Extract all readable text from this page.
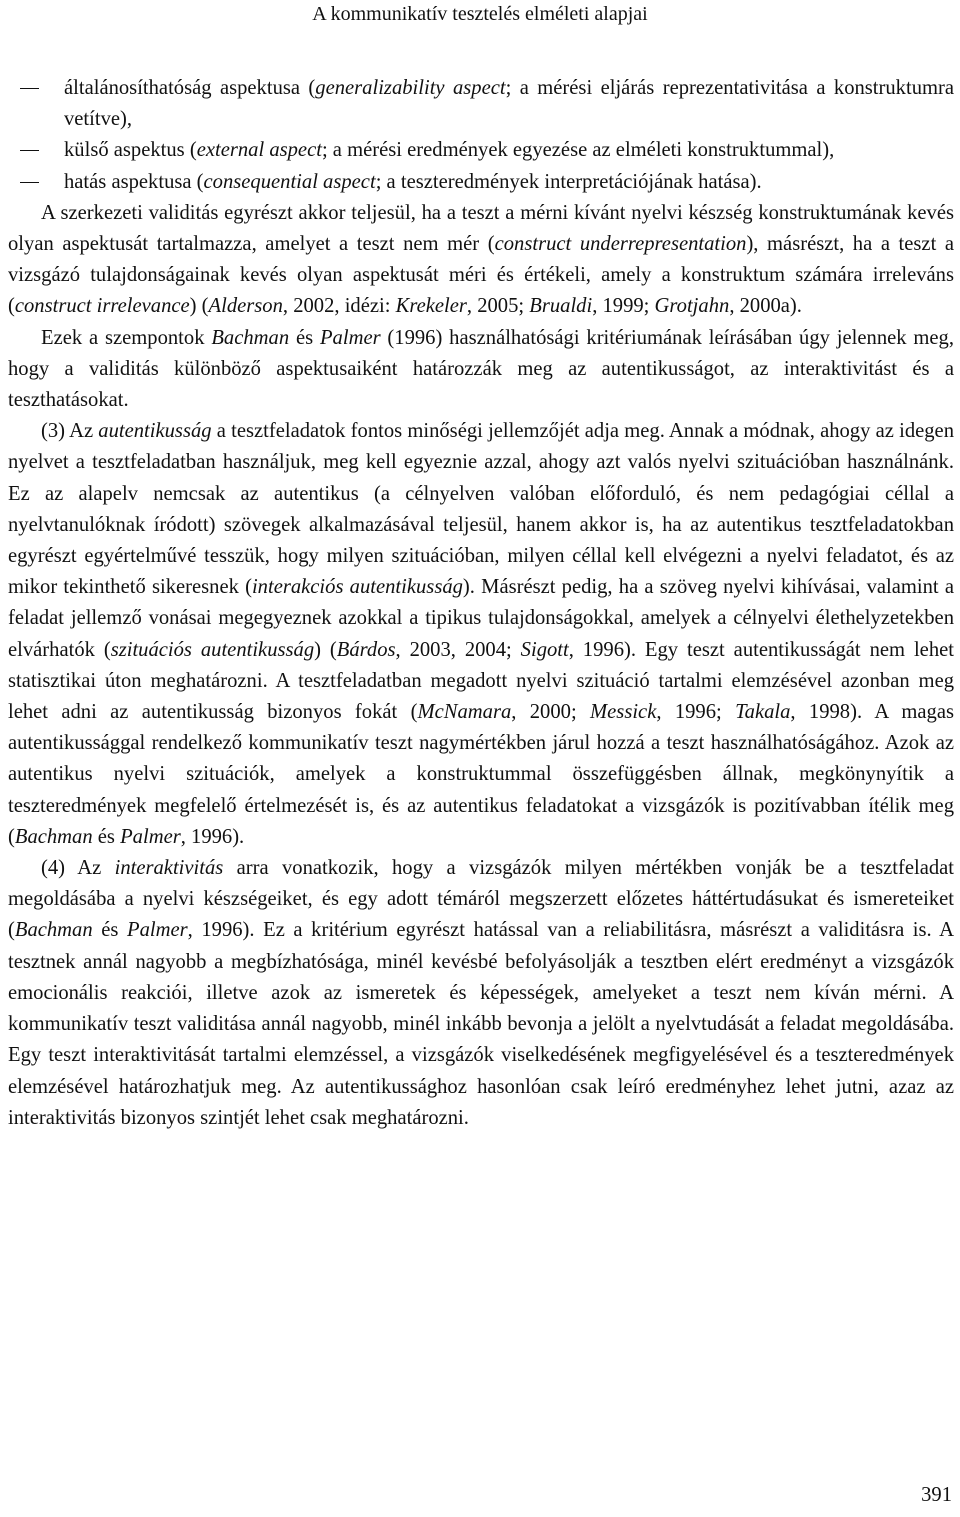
A kommunikatív tesztelés elméleti alapjai
általánosíthatóság aspektusa (generalizability aspect; a mérési eljárás reprezentativitása a konstruktumra vetítve),
külső aspektus (external aspect; a mérési eredmények egyezése az elméleti konstruktummal),
hatás aspektusa (consequential aspect; a teszteredmények interpretációjának hatása).

A szerkezeti validitás egyrészt akkor teljesül, ha a teszt a mérni kívánt nyelvi készség konstruktumának kevés olyan aspektusát tartalmazza, amelyet a teszt nem mér (construct underrepresentation), másrészt, ha a teszt a vizsgázó tulajdonságainak kevés olyan aspektusát méri és értékeli, amely a konstruktum számára irreleváns (construct irrelevance) (Alderson, 2002, idézi: Krekeler, 2005; Brualdi, 1999; Grotjahn, 2000a).

Ezek a szempontok Bachman és Palmer (1996) használhatósági kritériumának leírásában úgy jelennek meg, hogy a validitás különböző aspektusaiként határozzák meg az autentikusságot, az interaktivitást és a teszthatásokat.

(3) Az autentikusság a tesztfeladatok fontos minőségi jellemzőjét adja meg. Annak a módnak, ahogy az idegen nyelvet a tesztfeladatban használjuk, meg kell egyeznie azzal, ahogy azt valós nyelvi szituációban használnánk. Ez az alapelv nemcsak az autentikus (a célnyelven valóban előforduló, és nem pedagógiai céllal a nyelvtanulóknak íródott) szövegek alkalmazásával teljesül, hanem akkor is, ha az autentikus tesztfeladatokban egyrészt egyértelművé tesszük, hogy milyen szituációban, milyen céllal kell elvégezni a nyelvi feladatot, és az mikor tekinthető sikeresnek (interakciós autentikusság). Másrészt pedig, ha a szöveg nyelvi kihívásai, valamint a feladat jellemző vonásai megegyeznek azokkal a tipikus tulajdonságokkal, amelyek a célnyelvi élethelyzetekben elvárhatók (szituációs autentikusság) (Bárdos, 2003, 2004; Sigott, 1996). Egy teszt autentikusságát nem lehet statisztikai úton meghatározni. A tesztfeladatban megadott nyelvi szituáció tartalmi elemzésével azonban meg lehet adni az autentikusság bizonyos fokát (McNamara, 2000; Messick, 1996; Takala, 1998). A magas autentikussággal rendelkező kommunikatív teszt nagymértékben járul hozzá a teszt használhatóságához. Azok az autentikus nyelvi szituációk, amelyek a konstruktummal összefüggésben állnak, megkönynyítik a teszteredmények megfelelő értelmezését is, és az autentikus feladatokat a vizsgázók is pozitívabban ítélik meg (Bachman és Palmer, 1996).

(4) Az interaktivitás arra vonatkozik, hogy a vizsgázók milyen mértékben vonják be a tesztfeladat megoldásába a nyelvi készségeiket, és egy adott témáról megszerzett előzetes háttértudásukat és ismereteiket (Bachman és Palmer, 1996). Ez a kritérium egyrészt hatással van a reliabilitásra, másrészt a validitásra is. A tesztnek annál nagyobb a megbízhatósága, minél kevésbé befolyásolják a tesztben elért eredményt a vizsgázók emocionális reakciói, illetve azok az ismeretek és képességek, amelyeket a teszt nem kíván mérni. A kommunikatív teszt validitása annál nagyobb, minél inkább bevonja a jelölt a nyelvtudását a feladat megoldásába. Egy teszt interaktivitását tartalmi elemzéssel, a vizsgázók viselkedésének megfigyelésével és a teszteredmények elemzésével határozhatjuk meg. Az autentikussághoz hasonlóan csak leíró eredményhez lehet jutni, azaz az interaktivitás bizonyos szintjét lehet csak meghatározni.

391
